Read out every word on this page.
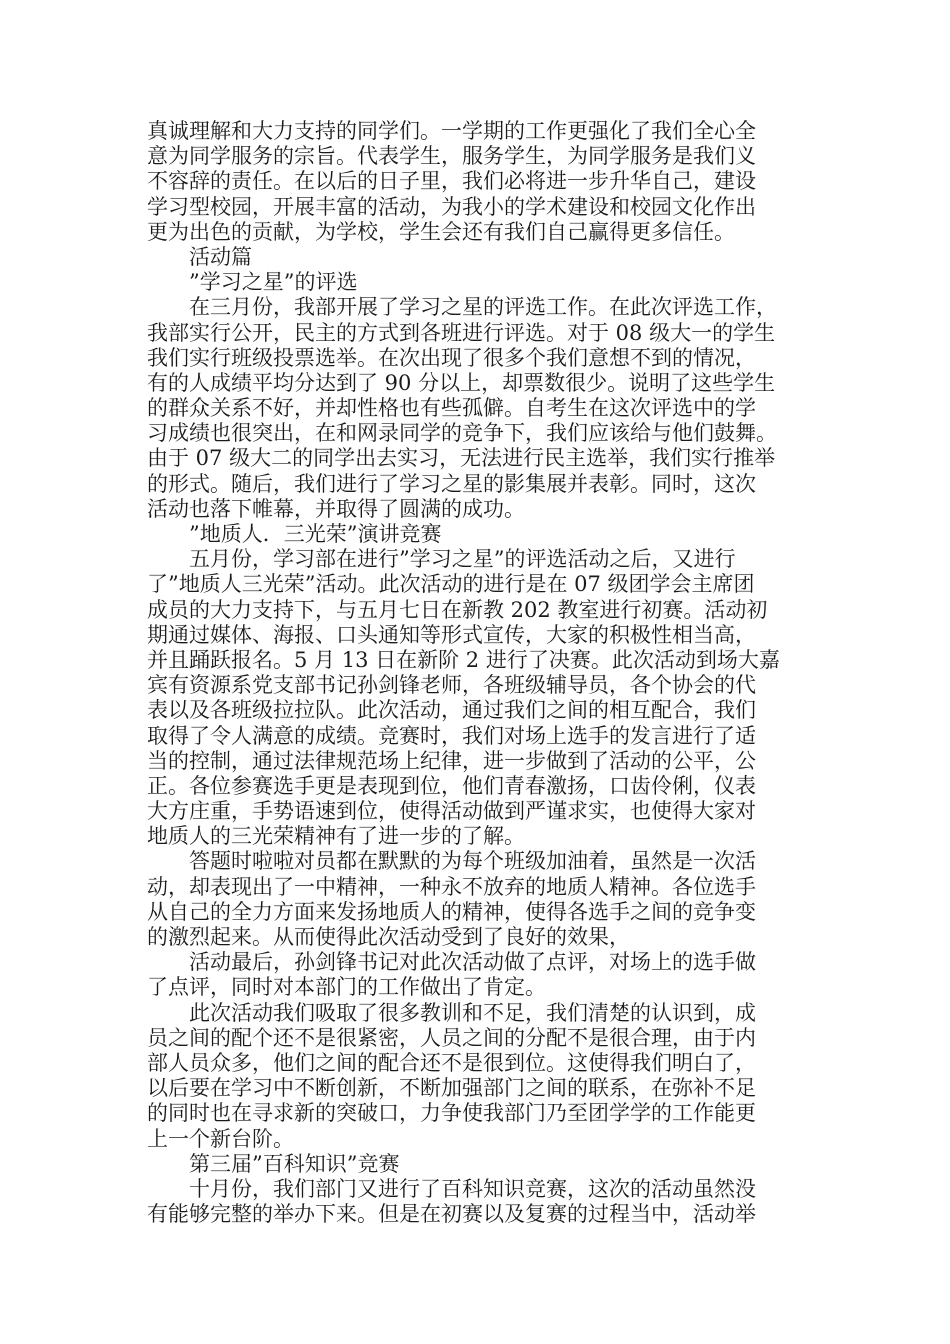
真诚理解和大力支持的同学们。一学期的工作更强化了我们全心全
意为同学服务的宗旨。代表学生，服务学生，为同学服务是我们义
不容辞的责任。在以后的日子里，我们必将进一步升华自己，建设
学习型校园，开展丰富的活动，为我小的学术建设和校园文化作出
更为出色的贡献，为学校，学生会还有我们自己赢得更多信任。
活动篇
”学习之星”的评选
在三月份，我部开展了学习之星的评选工作。在此次评选工作，
我部实行公开，民主的方式到各班进行评选。对于 08 级大一的学生
我们实行班级投票选举。在次出现了很多个我们意想不到的情况，
有的人成绩平均分达到了 90 分以上，却票数很少。说明了这些学生
的群众关系不好，并却性格也有些孤僻。自考生在这次评选中的学
习成绩也很突出，在和网录同学的竞争下，我们应该给与他们鼓舞。
由于 07 级大二的同学出去实习，无法进行民主选举，我们实行推举
的形式。随后，我们进行了学习之星的影集展并表彰。同时，这次
活动也落下帷幕，并取得了圆满的成功。
”地质人．三光荣”演讲竞赛
五月份，学习部在进行”学习之星”的评选活动之后，又进行
了”地质人三光荣”活动。此次活动的进行是在 07 级团学会主席团
成员的大力支持下，与五月七日在新教 202 教室进行初赛。活动初
期通过媒体、海报、口头通知等形式宣传，大家的积极性相当高，
并且踊跃报名。5 月 13 日在新阶 2 进行了决赛。此次活动到场大嘉
宾有资源系党支部书记孙剑锋老师，各班级辅导员，各个协会的代
表以及各班级拉拉队。此次活动，通过我们之间的相互配合，我们
取得了令人满意的成绩。竞赛时，我们对场上选手的发言进行了适
当的控制，通过法律规范场上纪律，进一步做到了活动的公平，公
正。各位参赛选手更是表现到位，他们青春激扬，口齿伶俐，仪表
大方庄重，手势语速到位，使得活动做到严谨求实，也使得大家对
地质人的三光荣精神有了进一步的了解。
答题时啦啦对员都在默默的为每个班级加油着，虽然是一次活
动，却表现出了一中精神，一种永不放弃的地质人精神。各位选手
从自己的全力方面来发扬地质人的精神，使得各选手之间的竞争变
的激烈起来。从而使得此次活动受到了良好的效果，
活动最后，孙剑锋书记对此次活动做了点评，对场上的选手做
了点评，同时对本部门的工作做出了肯定。
此次活动我们吸取了很多教训和不足，我们清楚的认识到，成
员之间的配个还不是很紧密，人员之间的分配不是很合理，由于内
部人员众多，他们之间的配合还不是很到位。这使得我们明白了，
以后要在学习中不断创新，不断加强部门之间的联系，在弥补不足
的同时也在寻求新的突破口，力争使我部门乃至团学学的工作能更
上一个新台阶。
第三届”百科知识”竞赛
十月份，我们部门又进行了百科知识竞赛，这次的活动虽然没
有能够完整的举办下来。但是在初赛以及复赛的过程当中，活动举
